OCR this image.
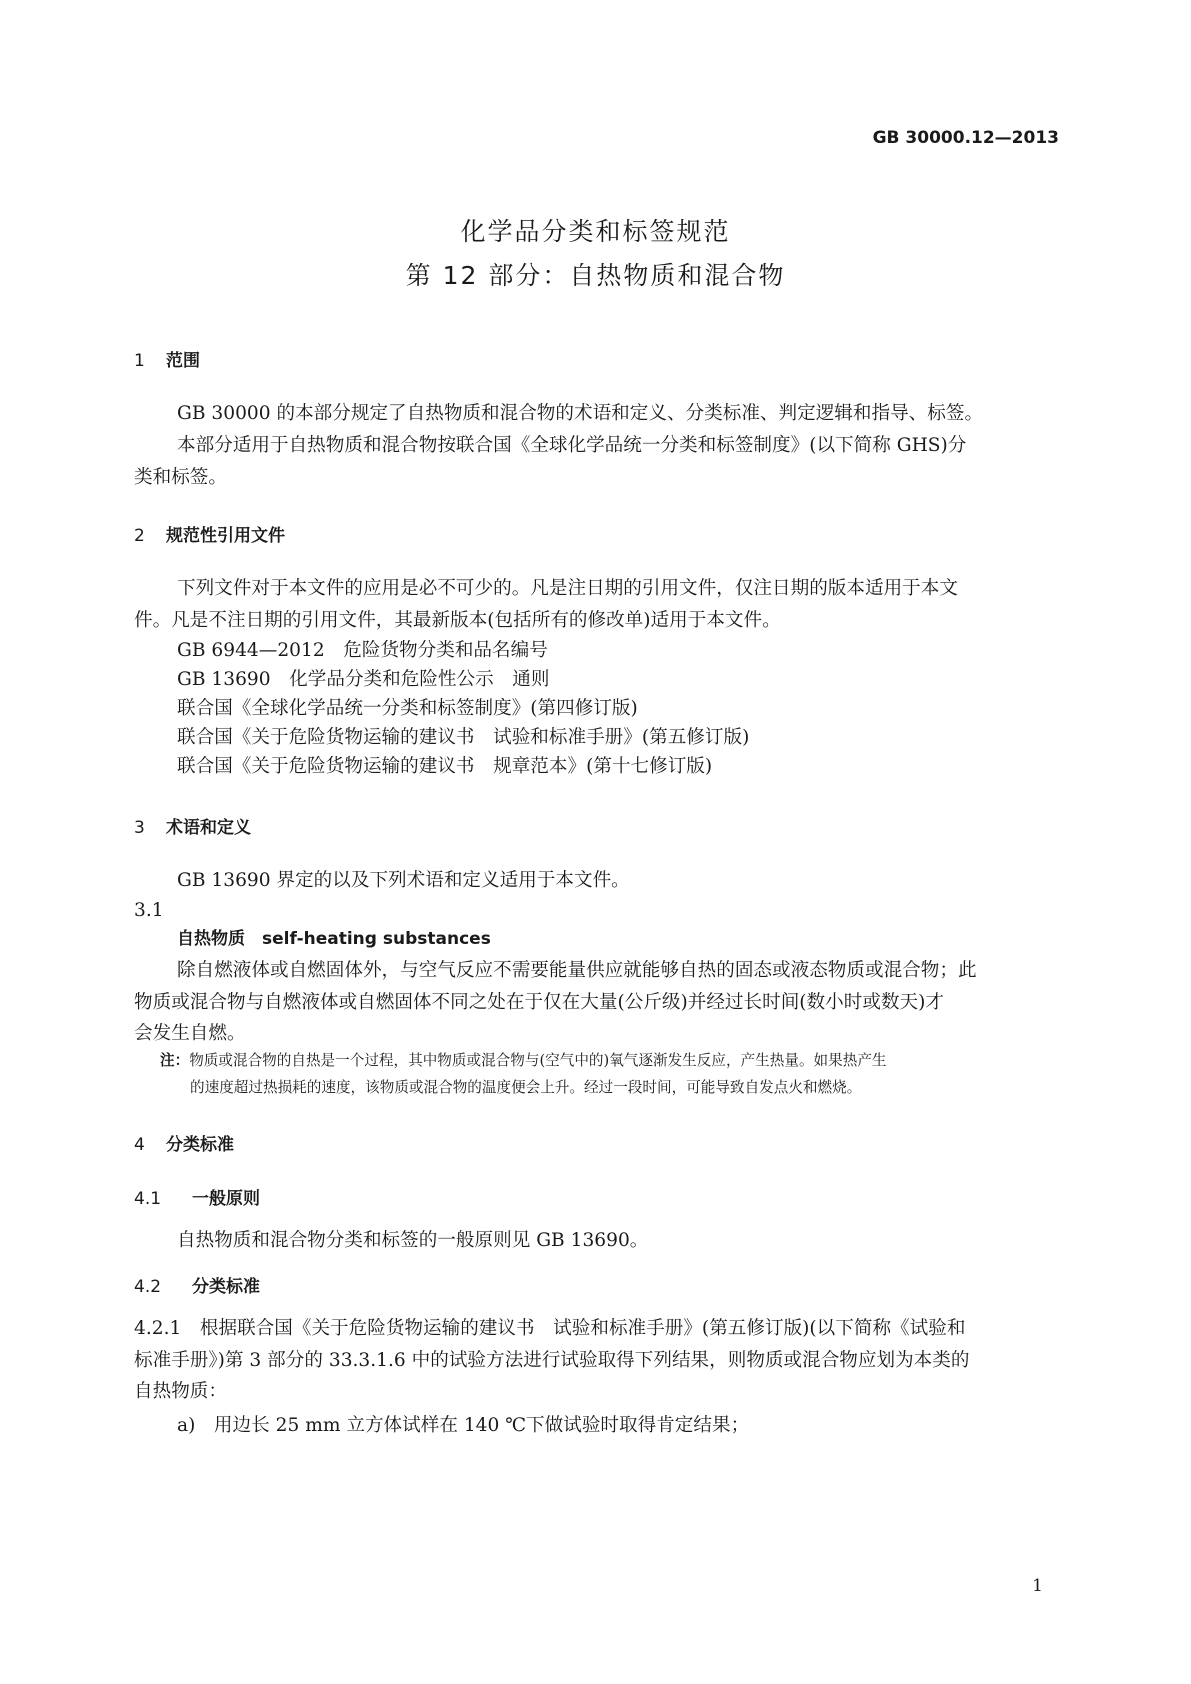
GB 30000.12—2013
化学品分类和标签规范
第 12 部分：自热物质和混合物
1 范围
GB 30000 的本部分规定了自热物质和混合物的术语和定义、分类标准、判定逻辑和指导、标签。
本部分适用于自热物质和混合物按联合国《全球化学品统一分类和标签制度》(以下简称 GHS)分
类和标签。
2 规范性引用文件
下列文件对于本文件的应用是必不可少的。凡是注日期的引用文件，仅注日期的版本适用于本文
件。凡是不注日期的引用文件，其最新版本(包括所有的修改单)适用于本文件。
GB 6944—2012　危险货物分类和品名编号
GB 13690　化学品分类和危险性公示　通则
联合国《全球化学品统一分类和标签制度》(第四修订版)
联合国《关于危险货物运输的建议书　试验和标准手册》(第五修订版)
联合国《关于危险货物运输的建议书　规章范本》(第十七修订版)
3 术语和定义
GB 13690 界定的以及下列术语和定义适用于本文件。
3.1
自热物质　self-heating substances
除自燃液体或自燃固体外，与空气反应不需要能量供应就能够自热的固态或液态物质或混合物；此
物质或混合物与自燃液体或自燃固体不同之处在于仅在大量(公斤级)并经过长时间(数小时或数天)才
会发生自燃。
注：物质或混合物的自热是一个过程，其中物质或混合物与(空气中的)氧气逐渐发生反应，产生热量。如果热产生
的速度超过热损耗的速度，该物质或混合物的温度便会上升。经过一段时间，可能导致自发点火和燃烧。
4 分类标准
4.1 一般原则
自热物质和混合物分类和标签的一般原则见 GB 13690。
4.2 分类标准
4.2.1　根据联合国《关于危险货物运输的建议书　试验和标准手册》(第五修订版)(以下简称《试验和
标准手册》)第 3 部分的 33.3.1.6 中的试验方法进行试验取得下列结果，则物质或混合物应划为本类的
自热物质：
a)　用边长 25 mm 立方体试样在 140 ℃下做试验时取得肯定结果；
1
